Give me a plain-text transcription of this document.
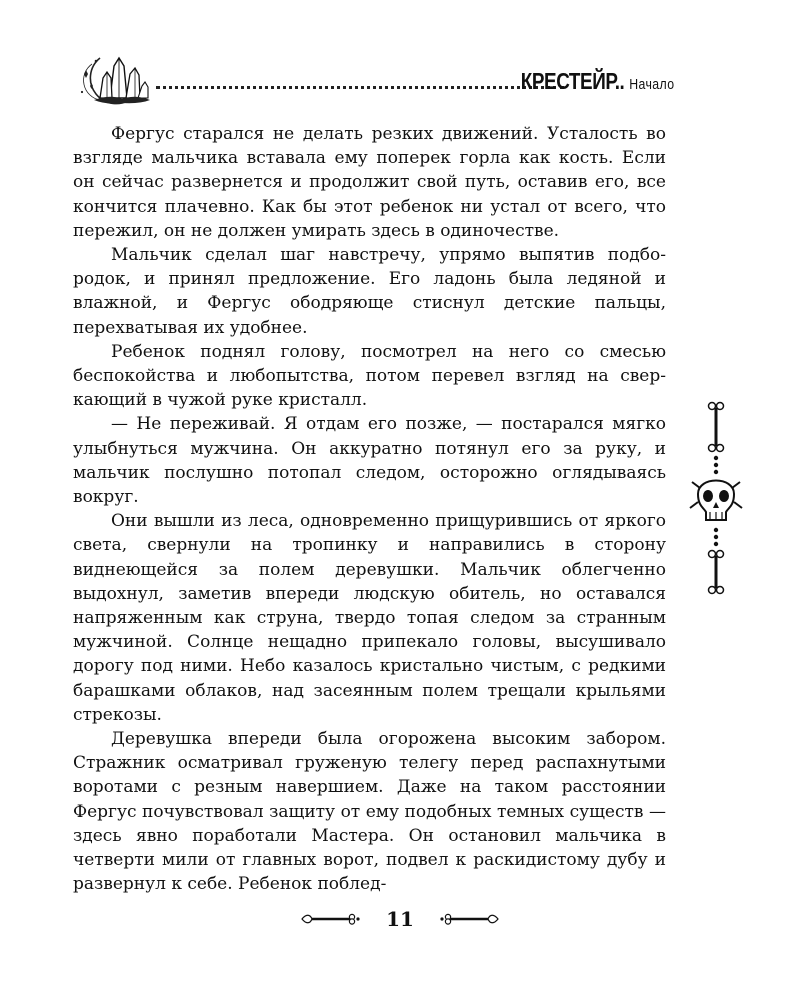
КРЕСТЕЙР.. Начало

Фергус старался не делать резких движений. Усталость во взгляде мальчика вставала ему поперек горла как кость. Если он сейчас развернется и продолжит свой путь, оставив его, все кончится плачевно. Как бы этот ребенок ни устал от всего, что пережил, он не должен умирать здесь в одиночестве.

Мальчик сделал шаг навстречу, упрямо выпятив подбородок, и принял предложение. Его ладонь была ледяной и влажной, и Фергус ободряюще стиснул детские пальцы, перехватывая их удобнее.

Ребенок поднял голову, посмотрел на него со смесью беспокойства и любопытства, потом перевел взгляд на сверкающий в чужой руке кристалл.

— Не переживай. Я отдам его позже, — постарался мягко улыбнуться мужчина. Он аккуратно потянул его за руку, и мальчик послушно потопал следом, осторожно оглядываясь вокруг.

Они вышли из леса, одновременно прищурившись от яркого света, свернули на тропинку и направились в сторону виднеющейся за полем деревушки. Мальчик облегченно выдохнул, заметив впереди людскую обитель, но оставался напряженным как струна, твердо топая следом за странным мужчиной. Солнце нещадно припекало головы, высушивало дорогу под ними. Небо казалось кристально чистым, с редкими барашками облаков, над засеянным полем трещали крыльями стрекозы.

Деревушка впереди была огорожена высоким забором. Стражник осматривал груженую телегу перед распахнутыми воротами с резным навершием. Даже на таком расстоянии Фергус почувствовал защиту от ему подобных темных существ — здесь явно поработали Мастера. Он остановил мальчика в четверти мили от главных ворот, подвел к раскидистому дубу и развернул к себе. Ребенок поблед-

11
